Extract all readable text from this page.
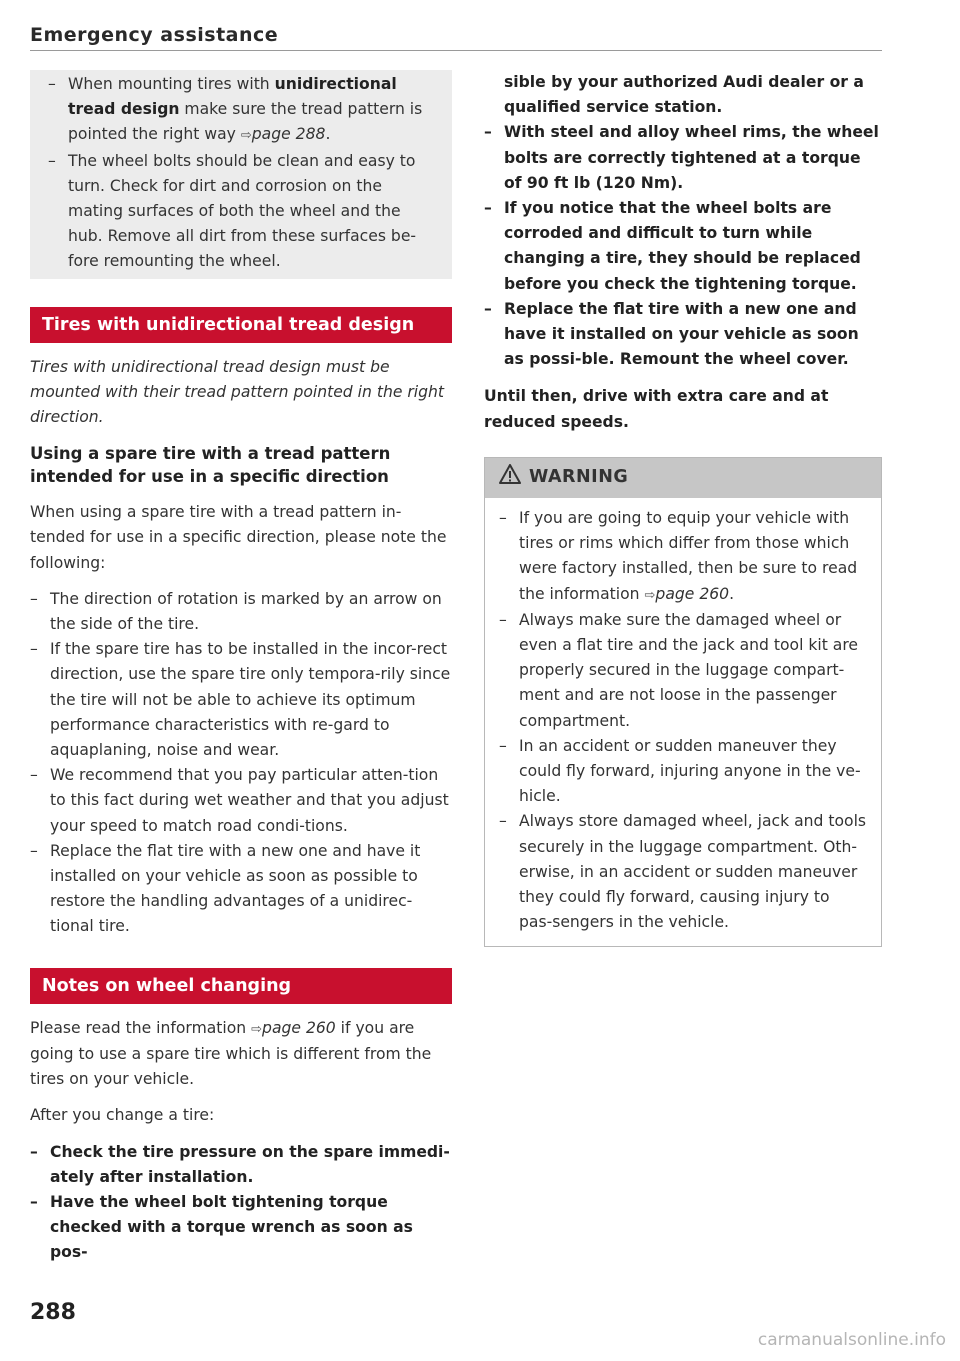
Emergency assistance
– When mounting tires with unidirectional tread design make sure the tread pattern is pointed the right way ⇨page 288.
– The wheel bolts should be clean and easy to turn. Check for dirt and corrosion on the mating surfaces of both the wheel and the hub. Remove all dirt from these surfaces be-fore remounting the wheel.
Tires with unidirectional tread design

Tires with unidirectional tread design must be mounted with their tread pattern pointed in the right direction.

Using a spare tire with a tread pattern intended for use in a specific direction

When using a spare tire with a tread pattern in-tended for use in a specific direction, please note the following:

– The direction of rotation is marked by an arrow on the side of the tire.
– If the spare tire has to be installed in the incor-rect direction, use the spare tire only tempora-rily since the tire will not be able to achieve its optimum performance characteristics with re-gard to aquaplaning, noise and wear.
– We recommend that you pay particular atten-tion to this fact during wet weather and that you adjust your speed to match road condi-tions.
– Replace the flat tire with a new one and have it installed on your vehicle as soon as possible to restore the handling advantages of a unidirec-tional tire.
Notes on wheel changing

Please read the information ⇨page 260 if you are going to use a spare tire which is different from the tires on your vehicle.

After you change a tire:

– Check the tire pressure on the spare immedi-ately after installation.
– Have the wheel bolt tightening torque checked with a torque wrench as soon as pos-
288
sible by your authorized Audi dealer or a qualified service station.
– With steel and alloy wheel rims, the wheel bolts are correctly tightened at a torque of 90 ft lb (120 Nm).
– If you notice that the wheel bolts are corroded and difficult to turn while changing a tire, they should be replaced before you check the tightening torque.
– Replace the flat tire with a new one and have it installed on your vehicle as soon as possi-ble. Remount the wheel cover.

Until then, drive with extra care and at reduced speeds.

WARNING
– If you are going to equip your vehicle with tires or rims which differ from those which were factory installed, then be sure to read the information ⇨page 260.
– Always make sure the damaged wheel or even a flat tire and the jack and tool kit are properly secured in the luggage compart-ment and are not loose in the passenger compartment.
– In an accident or sudden maneuver they could fly forward, injuring anyone in the ve-hicle.
– Always store damaged wheel, jack and tools securely in the luggage compartment. Oth-erwise, in an accident or sudden maneuver they could fly forward, causing injury to pas-sengers in the vehicle.
carmanualsonline.info
